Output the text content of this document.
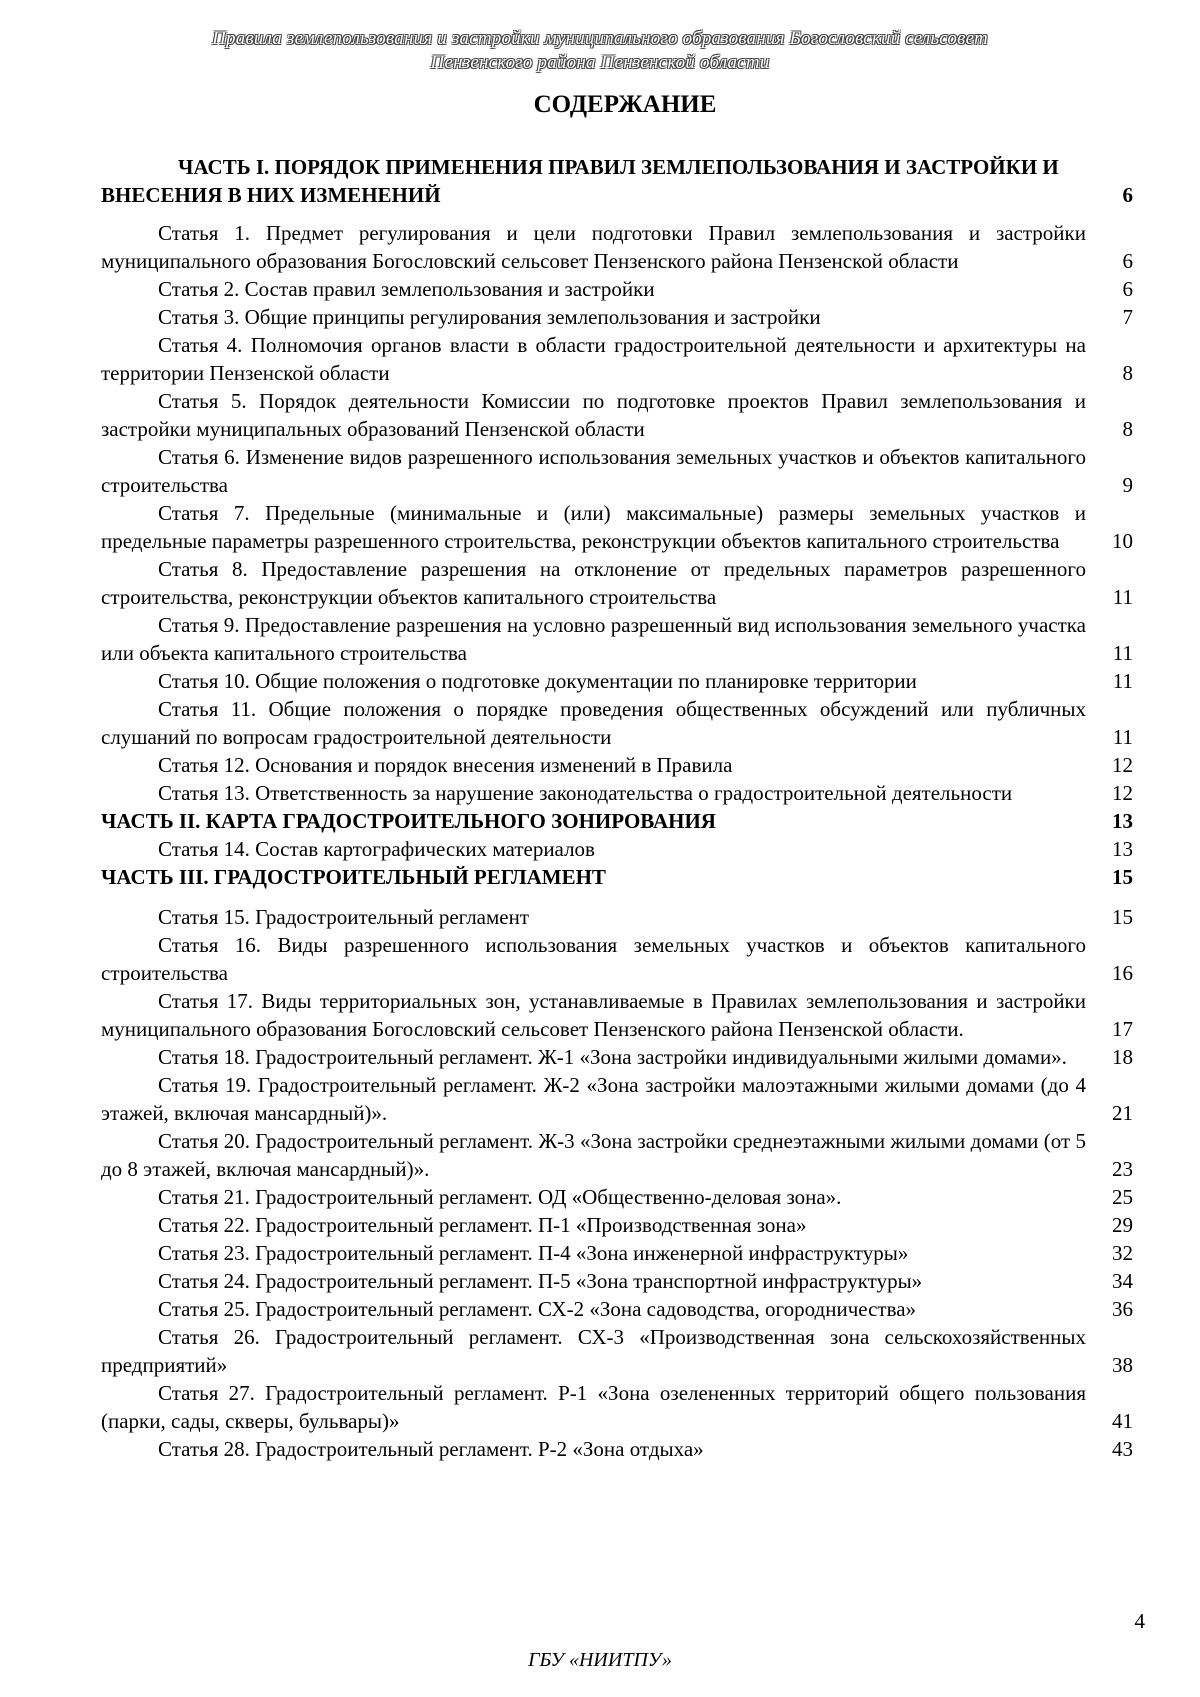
Правила землепользования и застройки муниципального образования Богословский сельсовет
Пензенского района Пензенской области
СОДЕРЖАНИЕ
ЧАСТЬ I. ПОРЯДОК ПРИМЕНЕНИЯ ПРАВИЛ ЗЕМЛЕПОЛЬЗОВАНИЯ И ЗАСТРОЙКИ И ВНЕСЕНИЯ В НИХ ИЗМЕНЕНИЙ	6
Статья 1. Предмет регулирования и цели подготовки Правил землепользования и застройки муниципального образования Богословский сельсовет Пензенского района Пензенской области	6
Статья 2. Состав правил землепользования и застройки	6
Статья 3. Общие принципы регулирования землепользования и застройки	7
Статья 4. Полномочия органов власти в области градостроительной деятельности и архитектуры на территории Пензенской области	8
Статья 5. Порядок деятельности Комиссии по подготовке проектов Правил землепользования и застройки муниципальных образований Пензенской области	8
Статья 6. Изменение видов разрешенного использования земельных участков и объектов капитального строительства	9
Статья 7. Предельные (минимальные и (или) максимальные) размеры земельных участков и предельные параметры разрешенного строительства, реконструкции объектов капитального строительства	10
Статья 8. Предоставление разрешения на отклонение от предельных параметров разрешенного строительства, реконструкции объектов капитального строительства	11
Статья 9. Предоставление разрешения на условно разрешенный вид использования земельного участка или объекта капитального строительства	11
Статья 10. Общие положения о подготовке документации по планировке территории	11
Статья 11. Общие положения о порядке проведения общественных обсуждений или публичных слушаний по вопросам градостроительной деятельности	11
Статья 12. Основания и порядок внесения изменений в Правила	12
Статья 13. Ответственность за нарушение законодательства о градостроительной деятельности	12
ЧАСТЬ II. КАРТА ГРАДОСТРОИТЕЛЬНОГО ЗОНИРОВАНИЯ	13
Статья 14. Состав картографических материалов	13
ЧАСТЬ III. ГРАДОСТРОИТЕЛЬНЫЙ РЕГЛАМЕНТ	15
Статья 15. Градостроительный регламент	15
Статья 16. Виды разрешенного использования земельных участков и объектов капитального строительства	16
Статья 17. Виды территориальных зон, устанавливаемые в Правилах землепользования и застройки муниципального образования Богословский сельсовет Пензенского района Пензенской области.	17
Статья 18. Градостроительный регламент. Ж-1 «Зона застройки индивидуальными жилыми домами».	18
Статья 19. Градостроительный регламент. Ж-2 «Зона застройки малоэтажными жилыми домами (до 4 этажей, включая мансардный)».	21
Статья 20. Градостроительный регламент. Ж-3 «Зона застройки среднеэтажными жилыми домами (от 5 до 8 этажей, включая мансардный)».	23
Статья 21. Градостроительный регламент. ОД «Общественно-деловая зона».	25
Статья 22. Градостроительный регламент. П-1 «Производственная зона»	29
Статья 23. Градостроительный регламент. П-4 «Зона инженерной инфраструктуры»	32
Статья 24. Градостроительный регламент. П-5 «Зона транспортной инфраструктуры»	34
Статья 25. Градостроительный регламент. СХ-2 «Зона садоводства, огородничества»	36
Статья 26. Градостроительный регламент. СХ-3 «Производственная зона сельскохозяйственных предприятий»	38
Статья 27. Градостроительный регламент. Р-1 «Зона озелененных территорий общего пользования (парки, сады, скверы, бульвары)»	41
Статья 28. Градостроительный регламент. Р-2 «Зона отдыха»	43
4
ГБУ «НИИТПУ»
